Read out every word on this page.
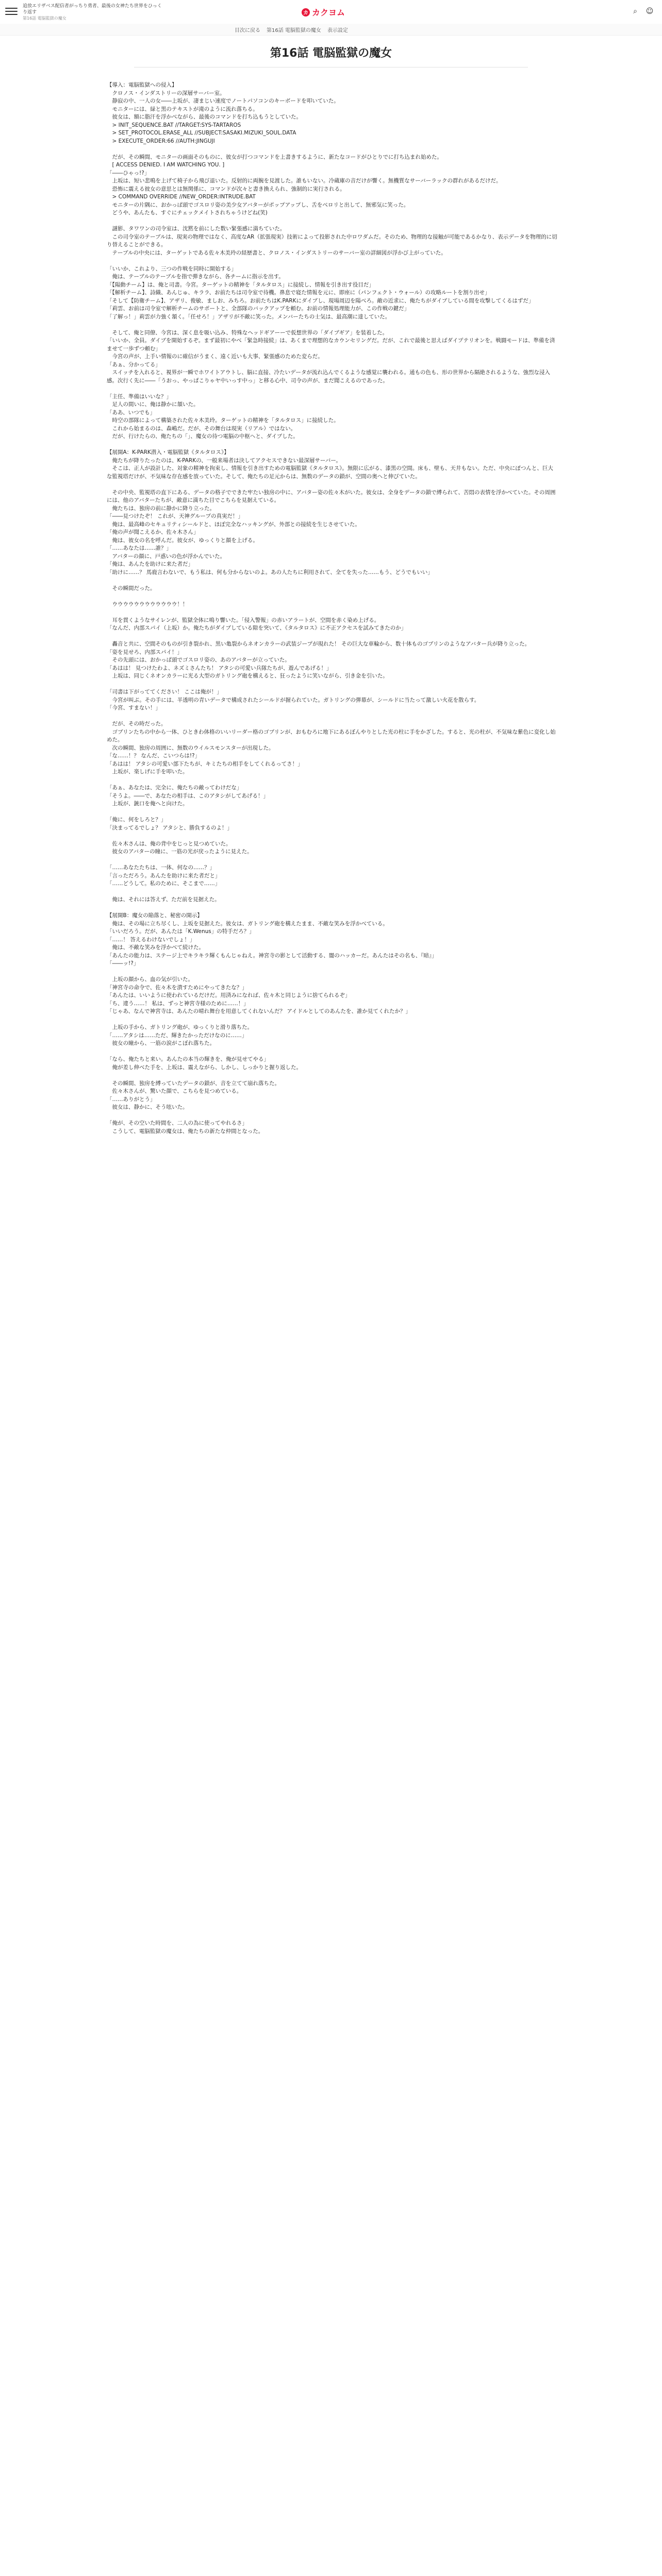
追放エリザベス配信者がっちり勇者、最後の女神たち世界をひっくり返す
第16話 電脳監獄の魔女
カ カクヨム	⌕	☺
目次に戻る 第16話 電脳監獄の魔女 表示設定
第16話 電脳監獄の魔女

【導入：電脳監獄への侵入】

　クロノス・インダストリーの深層サーバー室。

　静寂の中、一人の女――上坂が、凄まじい速度でノートパソコンのキーボードを叩いていた。

　モニターには、緑と黒のテキストが滝のように流れ落ちる。

　彼女は、額に脂汗を浮かべながら、最後のコマンドを打ち込もうとしていた。

　> INIT_SEQUENCE.BAT //TARGET:SYS-TARTAROS

　> SET_PROTOCOL.ERASE_ALL //SUBJECT:SASAKI.MIZUKI_SOUL.DATA

　> EXECUTE_ORDER:66 //AUTH:JINGUJI

　だが、その瞬間、モニターの画面そのものに、彼女が打つコマンドを上書きするように、新たなコードがひとりでに打ち込まれ始めた。

　[ ACCESS DENIED. I AM WATCHING YOU. ]

「――ひゃっ!?」

　上坂は、短い悲鳴を上げて椅子から飛び退いた。反射的に両腕を見渡した。誰もいない。冷蔵庫の音だけが響く。無機質なサーバーラックの群れがあるだけだ。

　恐怖に震える彼女の意思とは無関係に、コマンドが次々と書き換えられ、強制的に実行される。

　> COMMAND OVERRIDE //NEW_ORDER:INTRUDE.BAT

　モニターの片隅に、おかっぱ頭でゴスロリ姿の美少女アバターがポップアップし、舌をべロリと出して、無邪気に笑った。

　どうや、あんたも、すぐにチェックメイトされちゃうけどね(笑)

　謎影、タワワンの司令室は、沈黙を前にした数い緊張感に満ちていた。

　この司令室のテーブルは、現実の物理ではなく、高度なAR（拡張現実）技術によって投影された中ロワダムだ。そのため、物理的な接触が可能であるかなり、表示データを物理的に切り替えることができる。

　テーブルの中央には、ターゲットである佐々木美玲の経歴書と、クロノス・インダストリーのサーバー室の詳細図が浮かび上がっていた。

「いいか、これより、三つの作戦を同時に開始する」

　俺は、テーブルのテーブルを指で弾きながら、各チームに指示を出す。

「【陽動チーム】は、俺と司書。今宮。ターゲットの精神を「タルタロス」に接続し、情報を引き出す役目だ」

「【解析チーム】、詩織、あんじゅ、キララ、お前たちは司令室で待機。鼻息で寝た情報を元に、即座に（パンフェクト・ウォール）の攻略ルートを割り出せ」

「そして【防衛チーム】、アザリ、俊敏、ましお、みちろ。お前たちはK.PARKにダイブし、現場周辺を陽べろ。敵の近求に、俺たちがダイブしている間を攻撃してくるはずだ」

「莉雲、お前は司令室で解析チームのサポートと、全部隊のバックアップを頼む。お前の情報処理能力が、この作戦の鍵だ」

「了解っ！」莉雲が力強く頷く。「任せろ！」アザリが不敵に笑った。メンバーたちの士気は、最高潮に達していた。

　そして、俺と同僚、今宮は、深く息を吸い込み、特殊なヘッドギアーーで仮想世界の「ダイブギア」を装着した。

「いいか、全員。ダイブを開始するぞ。まず最初にやべ「緊急時接続」は、あくまで理想的なカウンセリングだ。だが、これで最後と思えばダイプテリオンを。戦闘モードは、準備を済ませて一歩ずつ頼む」

　今宮の声が、上手い情報のに確信がうまく、遠く近いも大事、緊張感のためた変らだ。

「あぁ、分かってる」

　スイッチを入れると、視界が一瞬でホワイトアウトし、脳に直接、冷たいデータが流れ込んでくるような感覚に襲われる。通もの色も、形の世界から隔絶されるような、強烈な浸入感。次行く先に――「うおっ、やっぱこりゃヤ中いっす中っ」と移る心中、司令の声が、まだ聞こえるのであった。

「主任、準備はいいな？」

　足人の間いに、俺は静かに頷いた。

「ああ、いつでも」

　時空の部隊によって構築された佐々木美玲。ターゲットの精神を「タルタロス」に接続した。

　これから始まるのは、森嶋だ。だが、その舞台は現実（リアル）ではない。

　だが、行けたらの、俺たちの「」、魔女の待つ電脳の中枢へと、ダイブした。

【展開A：K-PARK潜入・電脳監獄《タルタロス》】

　俺たちが降りたったのは、K-PARKの、一般来場者は決してアクセスできない最深層サーバー。

　そこは、正人が設計した、対象の精神を拘束し、情報を引き出すための電脳監獄《タルタロス》。無限に広がる、漆黒の空間。床も、壁も、天井もない。ただ、中央にぽつんと、巨大な監視塔だけが、不気味な存在感を放っていた。そして、俺たちの足元からは、無数のデータの鎖が、空間の奥へと伸びていた。

　その中央、監視塔の直下にある、データの格子でできた牢たい独房の中に、アバター姿の佐々木がいた。彼女は、全身をデータの鎖で縛られて、苦悶の表情を浮かべていた。その周囲には、他のアバターたちが、敵意に満ちた目でこちらを見据えている。

　俺たちは、独房の前に静かに降り立った。

「――見つけたぞ！ これが、天神グループの真実だ！」

　俺は、最高峰のセキュリティシールドと、ほぼ完全なハッキングが、外部との接続を生じさせていた。

「俺の声が聞こえるか、佐々木さん」

　俺は、彼女の名を呼んだ。彼女が、ゆっくりと顔を上げる。

「……あなたは……誰？」

　アバターの顔に、戸惑いの色が浮かんでいた。

「俺は、あんたを助けに来た者だ」

「助けに……？ 馬鹿言わないで、もう私は、何も分からないのよ。あの人たちに利用されて、全てを失った……もう、どうでもいい」

　その瞬間だった。

　ウウウウウウウウウウウウ！！

　耳を貫くようなサイレンが、監獄全体に鳴り響いた。「侵入警報」の赤いアラートが、空間を赤く染め上げる。

「なんだ、内部スパイ（上坂）か。俺たちがダイブしている隙を突いて、《タルタロス》に不正アクセスを試みてきたのか」

　轟音と共に、空間そのものが引き裂かれ、黒い亀裂からネオンカラーの武装ジープが現れた！ その巨大な車輪から、数十体ものゴブリンのようなアバター兵が降り立った。

「姿を見せろ、内部スパイ！」

　その先頭には、おかっぱ頭でゴスロリ姿の、あのアバターが立っていた。

「あはは！ 見つけたわよ、ネズミさんたち！ アタシの可愛い兵隊たちが、遊んであげる！」

　上坂は、同じくネオンカラーに光る大型のガトリング砲を構えると、狂ったように笑いながら、引き金を引いた。

「司書は下がっててください！ ここは俺が！」

　今宮が叫ぶ。その手には、半透明の青いデータで構成されたシールドが握られていた。ガトリングの弾幕が、シールドに当たって激しい火花を散らす。

「今宮、すまない！」

　だが、その時だった。

　ゴブリンたちの中から一体、ひときわ体格のいいリーダー格のゴブリンが、おもむろに地下にあるぼんやりとした光の柱に手をかざした。すると、光の柱が、不気味な紫色に変化し始めた。

　次の瞬間、独房の周囲に、無数のウイルスモンスターが出現した。

「な……！？ なんだ、こいつらは!?」

「あはは！ アタシの可愛い部下たちが、キミたちの相手をしてくれるってさ！」

　上坂が、楽しげに手を叩いた。

「あぁ、あなたは、完全に、俺たちの敵ってわけだな」

「そうよ。――で、あなたの相手は、このアタシがしてあげる！」

　上坂が、銃口を俺へと向けた。

「俺に、何をしろと？」

「決まってるでしょ？ アタシと、勝負するのよ！」

　佐々木さんは、俺の背中をじっと見つめていた。

　彼女のアバターの瞳に、一筋の光が戻ったように見えた。

「……あなたたちは、一体、何なの……？」

「言っただろう。あんたを助けに来た者だと」

「……どうして。私のために、そこまで……」

　俺は、それには答えず、ただ前を見据えた。

【展開B：魔女の陥落と、秘密の開示】

　俺は、その場に立ち尽くし、上坂を見据えた。彼女は、ガトリング砲を構えたまま、不敵な笑みを浮かべている。

「いいだろう。だが、あんたは「K.Wenus」の特手だろ？」

「……！ 答えるわけないでしょ！」

　俺は、不敵な笑みを浮かべて続けた。

「あんたの能力は、ステージ上でキラキラ輝くもんじゃねえ。神宮寺の影として活動する、闇のハッカーだ。あんたはその名も、『暗』」

「――ッ!?」

　上坂の顔から、血の気が引いた。

「神宮寺の命令で、佐々木を潰すためにやってきたな？」

「あんたは、いいように使われているだけだ。用済みになれば、佐々木と同じように捨てられるぞ」

「ち、違う……！ 私は、ずっと神宮寺様のために……！」

「じゃあ、なんで神宮寺は、あんたの晴れ舞台を用意してくれないんだ？ アイドルとしてのあんたを、誰か見てくれたか？」

　上坂の手から、ガトリング砲が、ゆっくりと滑り落ちた。

「……アタシは……ただ、輝きたかっただけなのに……」

　彼女の瞳から、一筋の涙がこぼれ落ちた。

「なら、俺たちと来い。あんたの本当の輝きを、俺が見せてやる」

　俺が差し伸べた手を、上坂は、震えながら、しかし、しっかりと握り返した。

　その瞬間、独房を縛っていたデータの鎖が、音を立てて崩れ落ちた。

　佐々木さんが、驚いた顔で、こちらを見つめている。

「……ありがとう」

　彼女は、静かに、そう呟いた。

「俺が、その空いた時間を、二人の為に使ってやれるさ」

　こうして、電脳監獄の魔女は、俺たちの新たな仲間となった。
